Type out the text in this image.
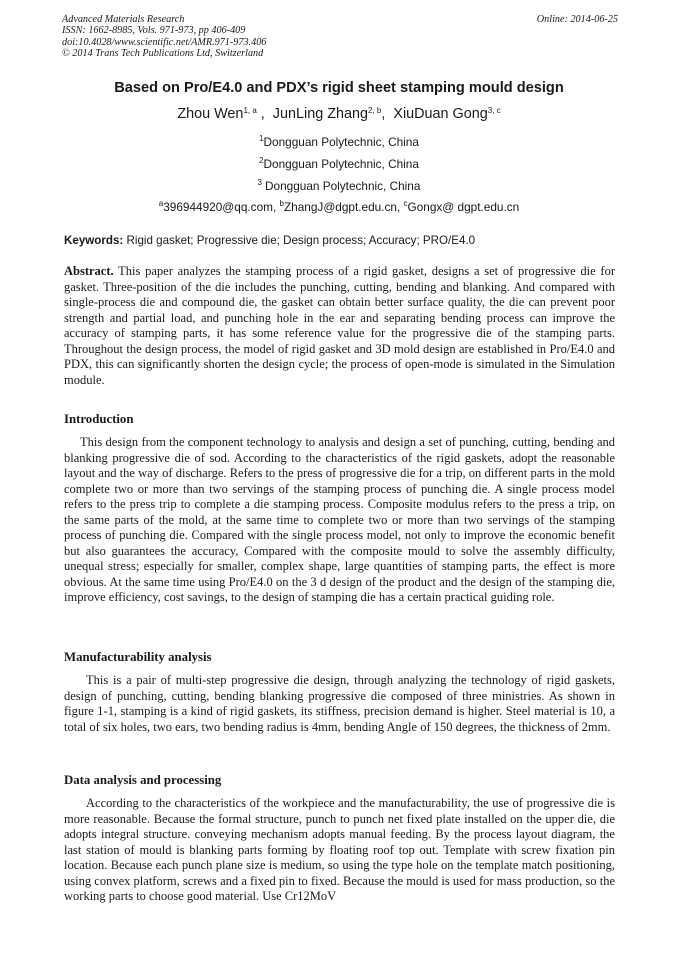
Advanced Materials Research
ISSN: 1662-8985, Vols. 971-973, pp 406-409
doi:10.4028/www.scientific.net/AMR.971-973.406
© 2014 Trans Tech Publications Ltd, Switzerland
Online: 2014-06-25
Based on Pro/E4.0 and PDX’s rigid sheet stamping mould design
Zhou Wen$^{1, a}$ ,  JunLing Zhang$^{2, b}$,  XiuDuan Gong$^{3, c}$
$^1$Dongguan Polytechnic, China
$^2$Dongguan Polytechnic, China
$^3$ Dongguan Polytechnic, China
$^a$396944920@qq.com, $^b$ZhangJ@dgpt.edu.cn, $^c$Gongx@ dgpt.edu.cn
Keywords: Rigid gasket; Progressive die; Design process; Accuracy; PRO/E4.0

Abstract. This paper analyzes the stamping process of a rigid gasket, designs a set of progressive die for gasket. Three-position of the die includes the punching, cutting, bending and blanking. And compared with single-process die and compound die, the gasket can obtain better surface quality, the die can prevent poor strength and partial load, and punching hole in the ear and separating bending process can improve the accuracy of stamping parts, it has some reference value for the progressive die of the stamping parts. Throughout the design process, the model of rigid gasket and 3D mold design are established in Pro/E4.0 and PDX, this can significantly shorten the design cycle; the process of open-mode is simulated in the Simulation module.

Introduction

This design from the component technology to analysis and design a set of punching, cutting, bending and blanking progressive die of sod. According to the characteristics of the rigid gaskets, adopt the reasonable layout and the way of discharge. Refers to the press of progressive die for a trip, on different parts in the mold complete two or more than two servings of the stamping process of punching die. A single process model refers to the press trip to complete a die stamping process. Composite modulus refers to the press a trip, on the same parts of the mold, at the same time to complete two or more than two servings of the stamping process of punching die. Compared with the single process model, not only to improve the economic benefit but also guarantees the accuracy, Compared with the composite mould to solve the assembly difficulty, unequal stress; especially for smaller, complex shape, large quantities of stamping parts, the effect is more obvious. At the same time using Pro/E4.0 on the 3 d design of the product and the design of the stamping die, improve efficiency, cost savings, to the design of stamping die has a certain practical guiding role.

Manufacturability analysis

This is a pair of multi-step progressive die design, through analyzing the technology of rigid gaskets, design of punching, cutting, bending blanking progressive die composed of three ministries. As shown in figure 1-1, stamping is a kind of rigid gaskets, its stiffness, precision demand is higher. Steel material is 10, a total of six holes, two ears, two bending radius is 4mm, bending Angle of 150 degrees, the thickness of 2mm.

Data analysis and processing

According to the characteristics of the workpiece and the manufacturability, the use of progressive die is more reasonable. Because the formal structure, punch to punch net fixed plate installed on the upper die, die adopts integral structure. conveying mechanism adopts manual feeding. By the process layout diagram, the last station of mould is blanking parts forming by floating roof top out. Template with screw fixation pin location. Because each punch plane size is medium, so using the type hole on the template match positioning, using convex platform, screws and a fixed pin to fixed. Because the mould is used for mass production, so the working parts to choose good material. Use Cr12MoV
